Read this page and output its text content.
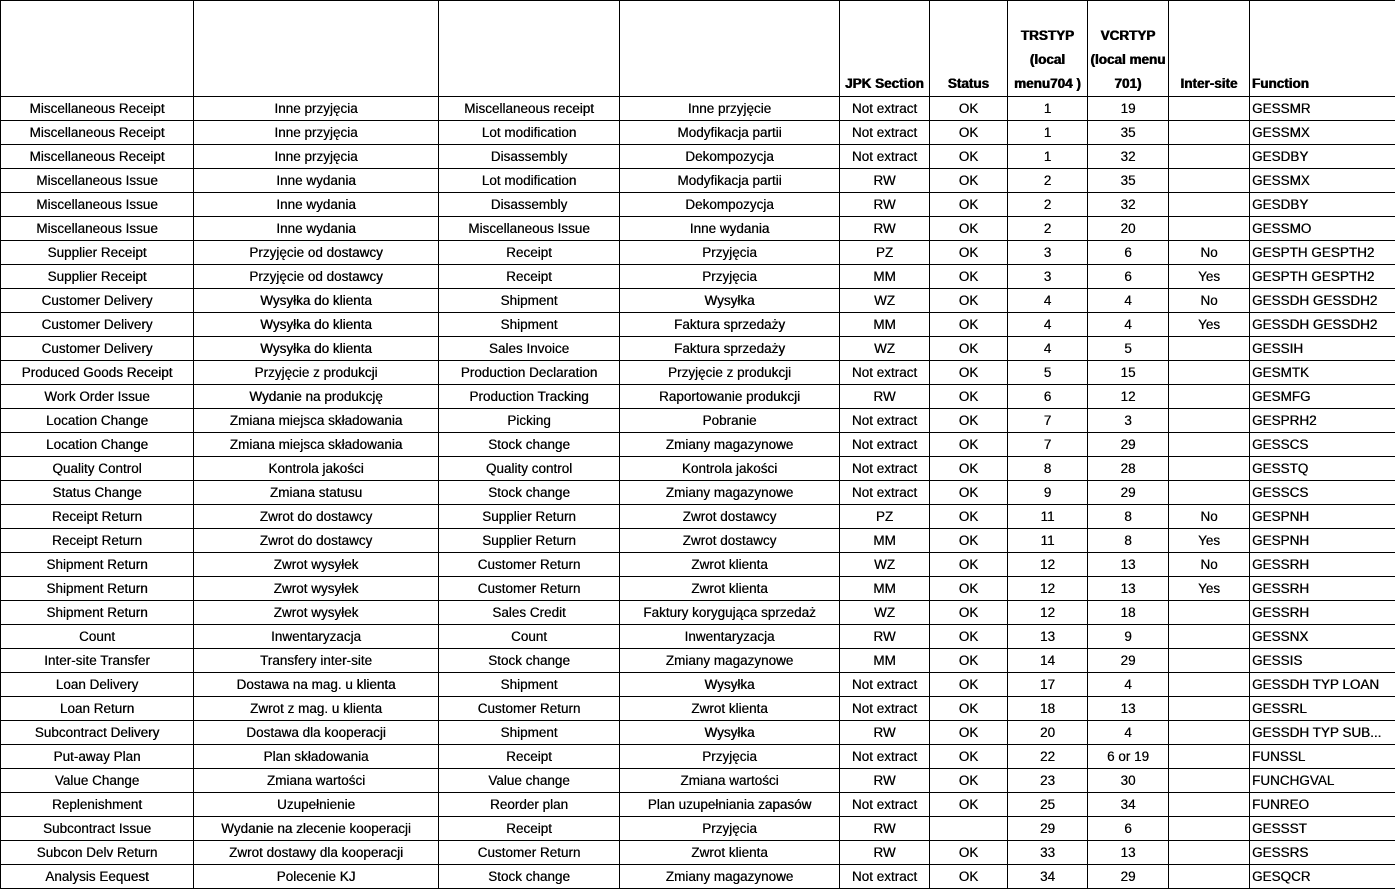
				JPK Section	Status	TRSTYP (local menu704 )	VCRTYP (local menu 701)	Inter-site	Function
Miscellaneous Receipt	Inne przyjęcia	Miscellaneous receipt	Inne przyjęcie	Not extract	OK	1	19		GESSMR
Miscellaneous Receipt	Inne przyjęcia	Lot modification	Modyfikacja partii	Not extract	OK	1	35		GESSMX
Miscellaneous Receipt	Inne przyjęcia	Disassembly	Dekompozycja	Not extract	OK	1	32		GESDBY
Miscellaneous Issue	Inne wydania	Lot modification	Modyfikacja partii	RW	OK	2	35		GESSMX
Miscellaneous Issue	Inne wydania	Disassembly	Dekompozycja	RW	OK	2	32		GESDBY
Miscellaneous Issue	Inne wydania	Miscellaneous Issue	Inne wydania	RW	OK	2	20		GESSMO
Supplier Receipt	Przyjęcie od dostawcy	Receipt	Przyjęcia	PZ	OK	3	6	No	GESPTH GESPTH2
Supplier Receipt	Przyjęcie od dostawcy	Receipt	Przyjęcia	MM	OK	3	6	Yes	GESPTH GESPTH2
Customer Delivery	Wysyłka do klienta	Shipment	Wysyłka	WZ	OK	4	4	No	GESSDH GESSDH2
Customer Delivery	Wysyłka do klienta	Shipment	Faktura sprzedaży	MM	OK	4	4	Yes	GESSDH GESSDH2
Customer Delivery	Wysyłka do klienta	Sales Invoice	Faktura sprzedaży	WZ	OK	4	5		GESSIH
Produced Goods Receipt	Przyjęcie z produkcji	Production Declaration	Przyjęcie z produkcji	Not extract	OK	5	15		GESMTK
Work Order Issue	Wydanie na produkcję	Production Tracking	Raportowanie produkcji	RW	OK	6	12		GESMFG
Location Change	Zmiana miejsca składowania	Picking	Pobranie	Not extract	OK	7	3		GESPRH2
Location Change	Zmiana miejsca składowania	Stock change	Zmiany magazynowe	Not extract	OK	7	29		GESSCS
Quality Control	Kontrola jakości	Quality control	Kontrola jakości	Not extract	OK	8	28		GESSTQ
Status Change	Zmiana statusu	Stock change	Zmiany magazynowe	Not extract	OK	9	29		GESSCS
Receipt Return	Zwrot do dostawcy	Supplier Return	Zwrot dostawcy	PZ	OK	11	8	No	GESPNH
Receipt Return	Zwrot do dostawcy	Supplier Return	Zwrot dostawcy	MM	OK	11	8	Yes	GESPNH
Shipment Return	Zwrot wysyłek	Customer Return	Zwrot klienta	WZ	OK	12	13	No	GESSRH
Shipment Return	Zwrot wysyłek	Customer Return	Zwrot klienta	MM	OK	12	13	Yes	GESSRH
Shipment Return	Zwrot wysyłek	Sales Credit	Faktury korygująca sprzedaż	WZ	OK	12	18		GESSRH
Count	Inwentaryzacja	Count	Inwentaryzacja	RW	OK	13	9		GESSNX
Inter-site Transfer	Transfery inter-site	Stock change	Zmiany magazynowe	MM	OK	14	29		GESSIS
Loan Delivery	Dostawa na mag. u klienta	Shipment	Wysyłka	Not extract	OK	17	4		GESSDH TYP LOAN
Loan Return	Zwrot z mag. u klienta	Customer Return	Zwrot klienta	Not extract	OK	18	13		GESSRL
Subcontract Delivery	Dostawa dla kooperacji	Shipment	Wysyłka	RW	OK	20	4		GESSDH TYP SUB...
Put-away Plan	Plan składowania	Receipt	Przyjęcia	Not extract	OK	22	6 or 19		FUNSSL
Value Change	Zmiana wartości	Value change	Zmiana wartości	RW	OK	23	30		FUNCHGVAL
Replenishment	Uzupełnienie	Reorder plan	Plan uzupełniania zapasów	Not extract	OK	25	34		FUNREO
Subcontract Issue	Wydanie na zlecenie kooperacji	Receipt	Przyjęcia	RW		29	6		GESSST
Subcon Delv Return	Zwrot dostawy dla kooperacji	Customer Return	Zwrot klienta	RW	OK	33	13		GESSRS
Analysis Eequest	Polecenie KJ	Stock change	Zmiany magazynowe	Not extract	OK	34	29		GESQCR
